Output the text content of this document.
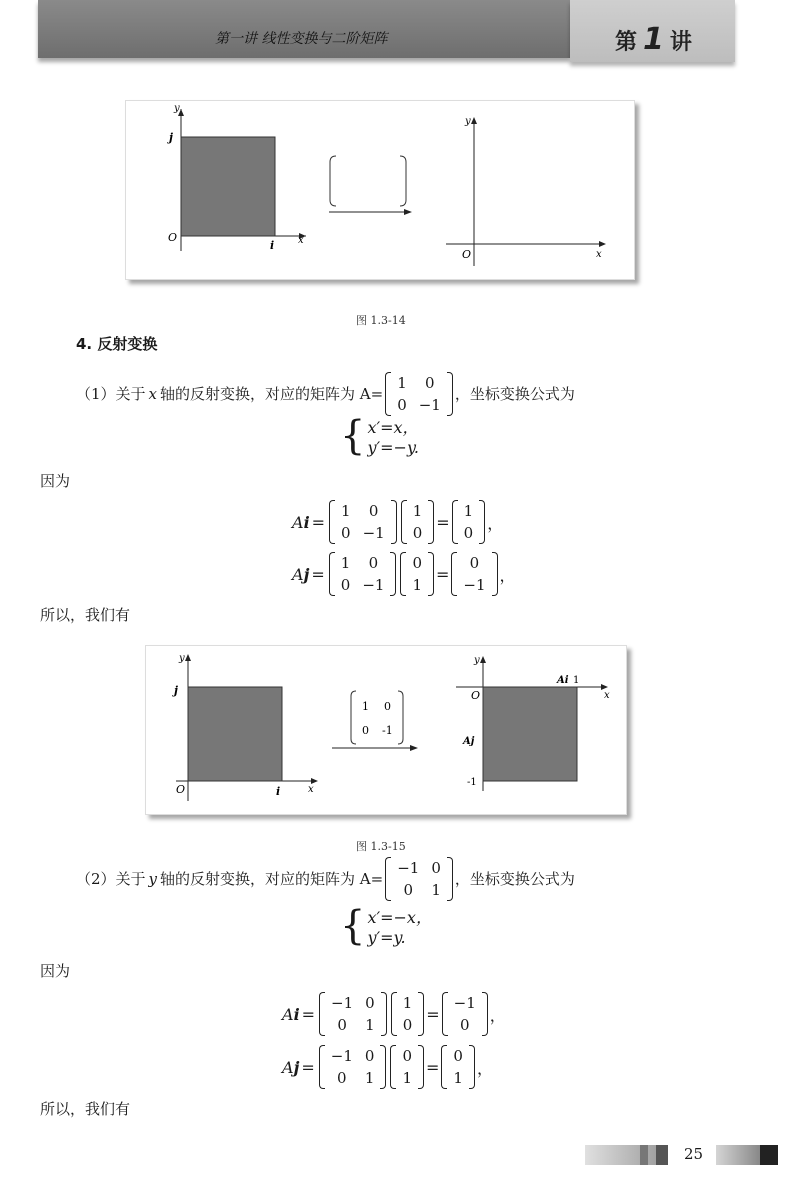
第一讲 线性变换与二阶矩阵	第1讲
y
j
O
i x
y
O	x
图 1.3-14
4. 反射变换
（1）关于 x 轴的反射变换，对应的矩阵为 A=
1	0
0	−1
，坐标变换公式为
{ x′=x，
y′=−y.
因为
A i =
1	0
0	−1
1
0
=
1
0
，
A j =
1	0
0	−1
0
1
=
0
−1
，
所以，我们有
y
j
O	i	x
1 0
0 -1
y
O
Ai 1
Aj
-1
x
图 1.3-15
（2）关于 y 轴的反射变换，对应的矩阵为 A=
−1	0
0	1
，坐标变换公式为
{ x′=−x，
y′=y.
因为
A i =
−1	0
0	1
1
0
=
−1
0
，
A j =
−1	0
0	1
0
1
=
0
1
，
所以，我们有
25
